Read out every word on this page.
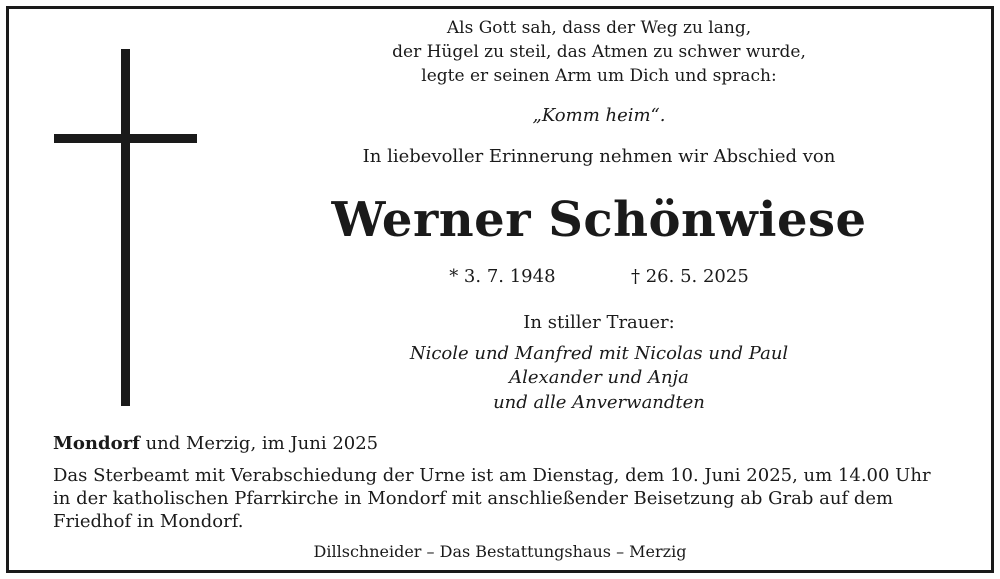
Als Gott sah, dass der Weg zu lang,
der Hügel zu steil, das Atmen zu schwer wurde,
legte er seinen Arm um Dich und sprach:
„Komm heim“.
In liebevoller Erinnerung nehmen wir Abschied von
Werner Schönwiese
* 3. 7. 1948	† 26. 5. 2025
In stiller Trauer:
Nicole und Manfred mit Nicolas und Paul
Alexander und Anja
und alle Anverwandten
Mondorf und Merzig, im Juni 2025
Das Sterbeamt mit Verabschiedung der Urne ist am Dienstag, dem 10. Juni 2025, um 14.00 Uhr
in der katholischen Pfarrkirche in Mondorf mit anschließender Beisetzung ab Grab auf dem
Friedhof in Mondorf.
Dillschneider – Das Bestattungshaus – Merzig
